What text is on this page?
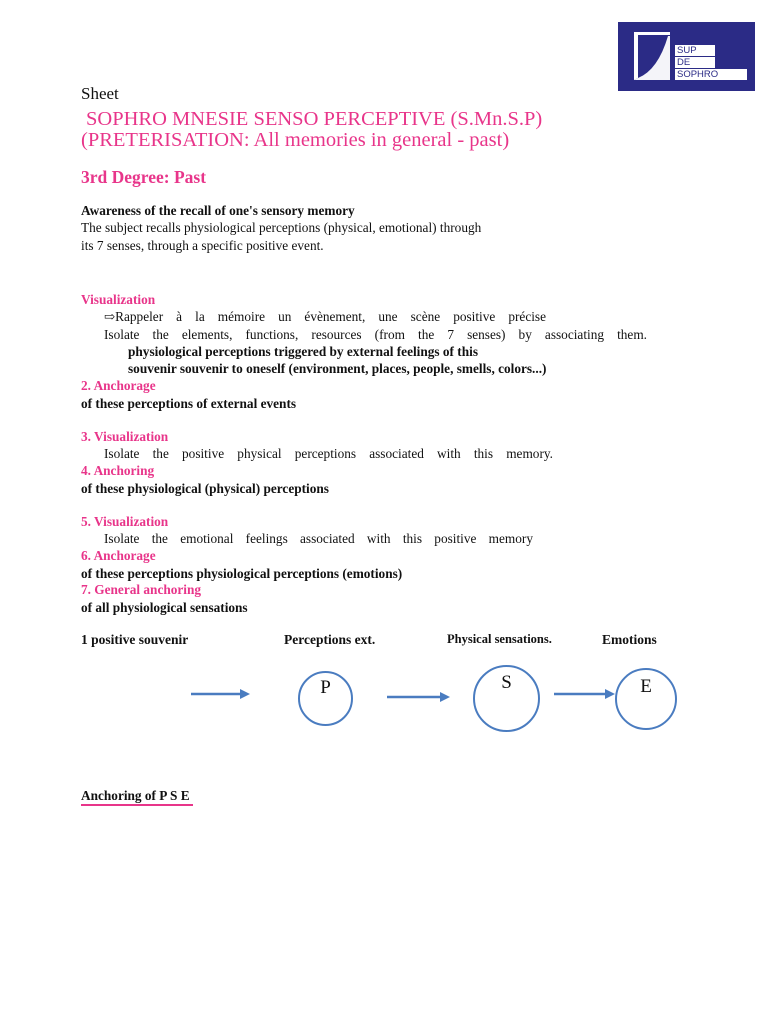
SUP
DE
SOPHRO
Sheet
SOPHRO MNESIE SENSO PERCEPTIVE (S.Mn.S.P)
(PRETERISATION: All memories in general - past)
3rd Degree: Past
Awareness of the recall of one's sensory memory
The subject recalls physiological perceptions (physical, emotional) through
its 7 senses, through a specific positive event.
Visualization
⇨Rappeler à la mémoire un évènement, une scène positive précise
Isolate the elements, functions, resources (from the 7 senses) by associating them.
physiological perceptions triggered by external feelings of this
souvenir souvenir to oneself (environment, places, people, smells, colors...)
2. Anchorage
of these perceptions of external events
3. Visualization
Isolate the positive physical perceptions associated with this memory.
4. Anchoring
of these physiological (physical) perceptions
5. Visualization
Isolate the emotional feelings associated with this positive memory
6. Anchorage
of these perceptions physiological perceptions (emotions)
7. General anchoring
of all physiological sensations
1 positive souvenir	Perceptions ext.	Physical sensations.	Emotions
P	S	E
Anchoring of P S E
